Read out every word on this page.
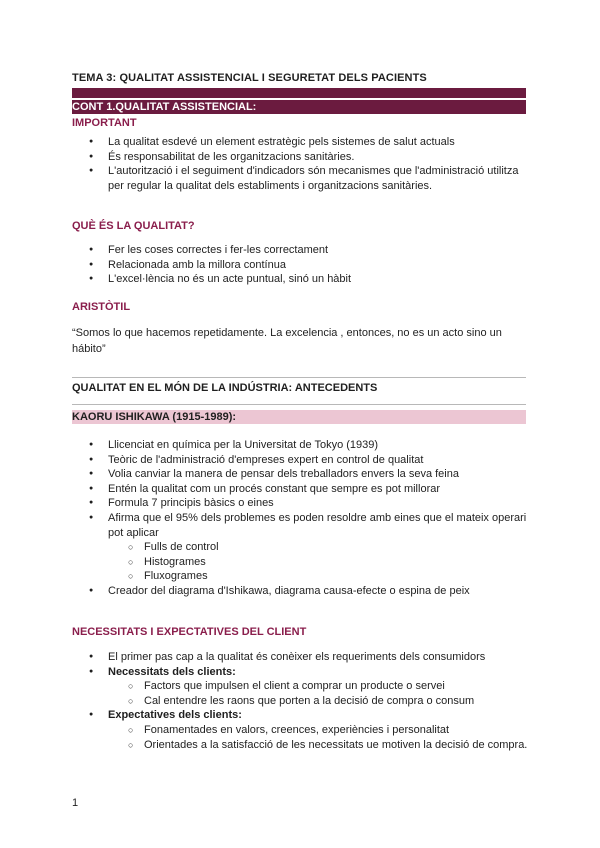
TEMA 3: QUALITAT ASSISTENCIAL I SEGURETAT DELS PACIENTS
CONT 1.QUALITAT ASSISTENCIAL:
IMPORTANT
● La qualitat esdevé un element estratègic pels sistemes de salut actuals
● És responsabilitat de les organitzacions sanitàries.
● L'autorització i el seguiment d'indicadors són mecanismes que l'administració utilitza per regular la qualitat dels establiments i organitzacions sanitàries.
QUÈ ÉS LA QUALITAT?
● Fer les coses correctes i fer-les correctament
● Relacionada amb la millora contínua
● L'excel·lència no és un acte puntual, sinó un hàbit
ARISTÒTIL
“Somos lo que hacemos repetidamente. La excelencia , entonces, no es un acto sino un hábito”
QUALITAT EN EL MÓN DE LA INDÚSTRIA: ANTECEDENTS
KAORU ISHIKAWA (1915-1989):
● Llicenciat en química per la Universitat de Tokyo (1939)
● Teòric de l'administració d'empreses expert en control de qualitat
● Volia canviar la manera de pensar dels treballadors envers la seva feina
● Entén la qualitat com un procés constant que sempre es pot millorar
● Formula 7 principis bàsics o eines
● Afirma que el 95% dels problemes es poden resoldre amb eines que el mateix operari pot aplicar
○ Fulls de control
○ Histogrames
○ Fluxogrames
● Creador del diagrama d'Ishikawa, diagrama causa-efecte o espina de peix
NECESSITATS I EXPECTATIVES DEL CLIENT
● El primer pas cap a la qualitat és conèixer els requeriments dels consumidors
● Necessitats dels clients:
○ Factors que impulsen el client a comprar un producte o servei
○ Cal entendre les raons que porten a la decisió de compra o consum
● Expectatives dels clients:
○ Fonamentades en valors, creences, experiències i personalitat
○ Orientades a la satisfacció de les necessitats ue motiven la decisió de compra.
1
